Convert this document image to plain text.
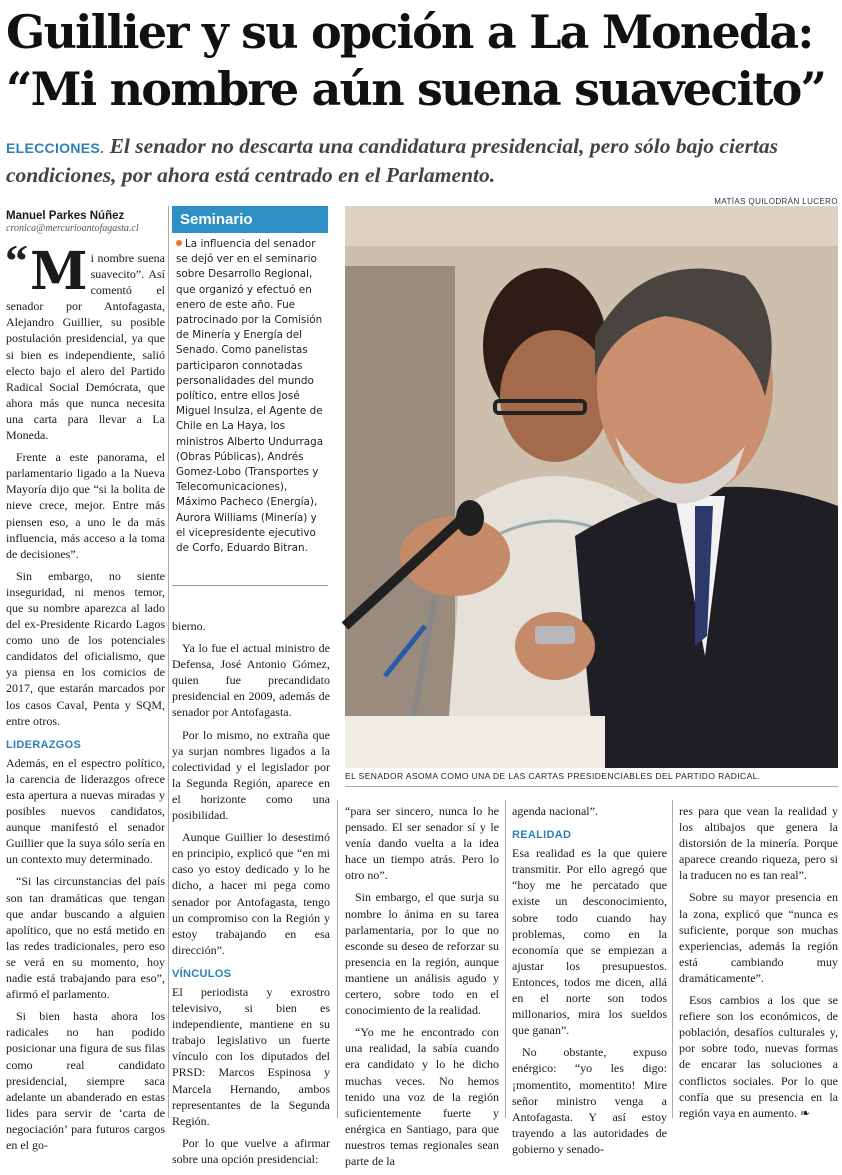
Guillier y su opción a La Moneda:
“Mi nombre aún suena suavecito”
ELECCIONES. El senador no descarta una candidatura presidencial, pero sólo bajo ciertas condiciones, por ahora está centrado en el Parlamento.
Manuel Parkes Núñez
cronica@mercurioantofagasta.cl
“ M i nombre suena suavecito”. Así comentó el senador por Antofagasta, Alejandro Guillier, su posible postulación presidencial, ya que si bien es independiente, salió electo bajo el alero del Partido Radical Social Demócrata, que ahora más que nunca necesita una carta para llevar a La Moneda.

Frente a este panorama, el parlamentario ligado a la Nueva Mayoría dijo que “si la bolita de nieve crece, mejor. Entre más piensen eso, a uno le da más influencia, más acceso a la toma de decisiones”.

Sin embargo, no siente inseguridad, ni menos temor, que su nombre aparezca al lado del ex-Presidente Ricardo Lagos como uno de los potenciales candidatos del oficialismo, que ya piensa en los comicios de 2017, que estarán marcados por los casos Caval, Penta y SQM, entre otros.

LIDERAZGOS

Además, en el espectro político, la carencia de liderazgos ofrece esta apertura a nuevas miradas y posibles nuevos candidatos, aunque manifestó el senador Guillier que la suya sólo sería en un contexto muy determinado.

“Si las circunstancias del país son tan dramáticas que tengan que andar buscando a alguien apolítico, que no está metido en las redes tradicionales, pero eso se verá en su momento, hoy nadie está trabajando para eso”, afirmó el parlamento.

Si bien hasta ahora los radicales no han podido posicionar una figura de sus filas como real candidato presidencial, siempre saca adelante un abanderado en estas lides para servir de ‘carta de negociación’ para futuros cargos en el go-

Seminario
La influencia del senador se dejó ver en el seminario sobre Desarrollo Regional, que organizó y efectuó en enero de este año. Fue patrocinado por la Comisión de Minería y Energía del Senado. Como panelistas participaron connotadas personalidades del mundo político, entre ellos José Miguel Insulza, el Agente de Chile en La Haya, los ministros Alberto Undurraga (Obras Públicas), Andrés Gomez-Lobo (Transportes y Telecomunicaciones), Máximo Pacheco (Energía), Aurora Williams (Minería) y el vicepresidente ejecutivo de Corfo, Eduardo Bitran.

bierno.

Ya lo fue el actual ministro de Defensa, José Antonio Gómez, quien fue precandidato presidencial en 2009, además de senador por Antofagasta.

Por lo mismo, no extraña que ya surjan nombres ligados a la colectividad y el legislador por la Segunda Región, aparece en el horizonte como una posibilidad.

Aunque Guillier lo desestimó en principio, explicó que “en mi caso yo estoy dedicado y lo he dicho, a hacer mi pega como senador por Antofagasta, tengo un compromiso con la Región y estoy trabajando en esa dirección”.

VÍNCULOS

El periodista y exrostro televisivo, si bien es independiente, mantiene en su trabajo legislativo un fuerte vínculo con los diputados del PRSD: Marcos Espinosa y Marcela Hernando, ambos representantes de la Segunda Región.

Por lo que vuelve a afirmar sobre una opción presidencial:

MATÍAS QUILODRÁN LUCERO
EL SENADOR ASOMA COMO UNA DE LAS CARTAS PRESIDENCIABLES DEL PARTIDO RADICAL.

“para ser sincero, nunca lo he pensado. El ser senador sí y le venía dando vuelta a la idea hace un tiempo atrás. Pero lo otro no”.

Sin embargo, el que surja su nombre lo ánima en su tarea parlamentaria, por lo que no esconde su deseo de reforzar su presencia en la región, aunque mantiene un análisis agudo y certero, sobre todo en el conocimiento de la realidad.

“Yo me he encontrado con una realidad, la sabía cuando era candidato y lo he dicho muchas veces. No hemos tenido una voz de la región suficientemente fuerte y enérgica en Santiago, para que nuestros temas regionales sean parte de la

agenda nacional”.

REALIDAD

Esa realidad es la que quiere transmitir. Por ello agregó que “hoy me he percatado que existe un desconocimiento, sobre todo cuando hay problemas, como en la economía que se empiezan a ajustar los presupuestos. Entonces, todos me dicen, allá en el norte son todos millonarios, mira los sueldos que ganan”.

No obstante, expuso enérgico: “yo les digo: ¡momentito, momentito! Mire señor ministro venga a Antofagasta. Y así estoy trayendo a las autoridades de gobierno y senado-

res para que vean la realidad y los altibajos que genera la distorsión de la minería. Porque aparece creando riqueza, pero si la traducen no es tan real”.

Sobre su mayor presencia en la zona, explicó que “nunca es suficiente, porque son muchas experiencias, además la región está cambiando muy dramáticamente”.

Esos cambios a los que se refiere son los económicos, de población, desafíos culturales y, por sobre todo, nuevas formas de encarar las soluciones a conflictos sociales. Por lo que confía que su presencia en la región vaya en aumento. ❧
